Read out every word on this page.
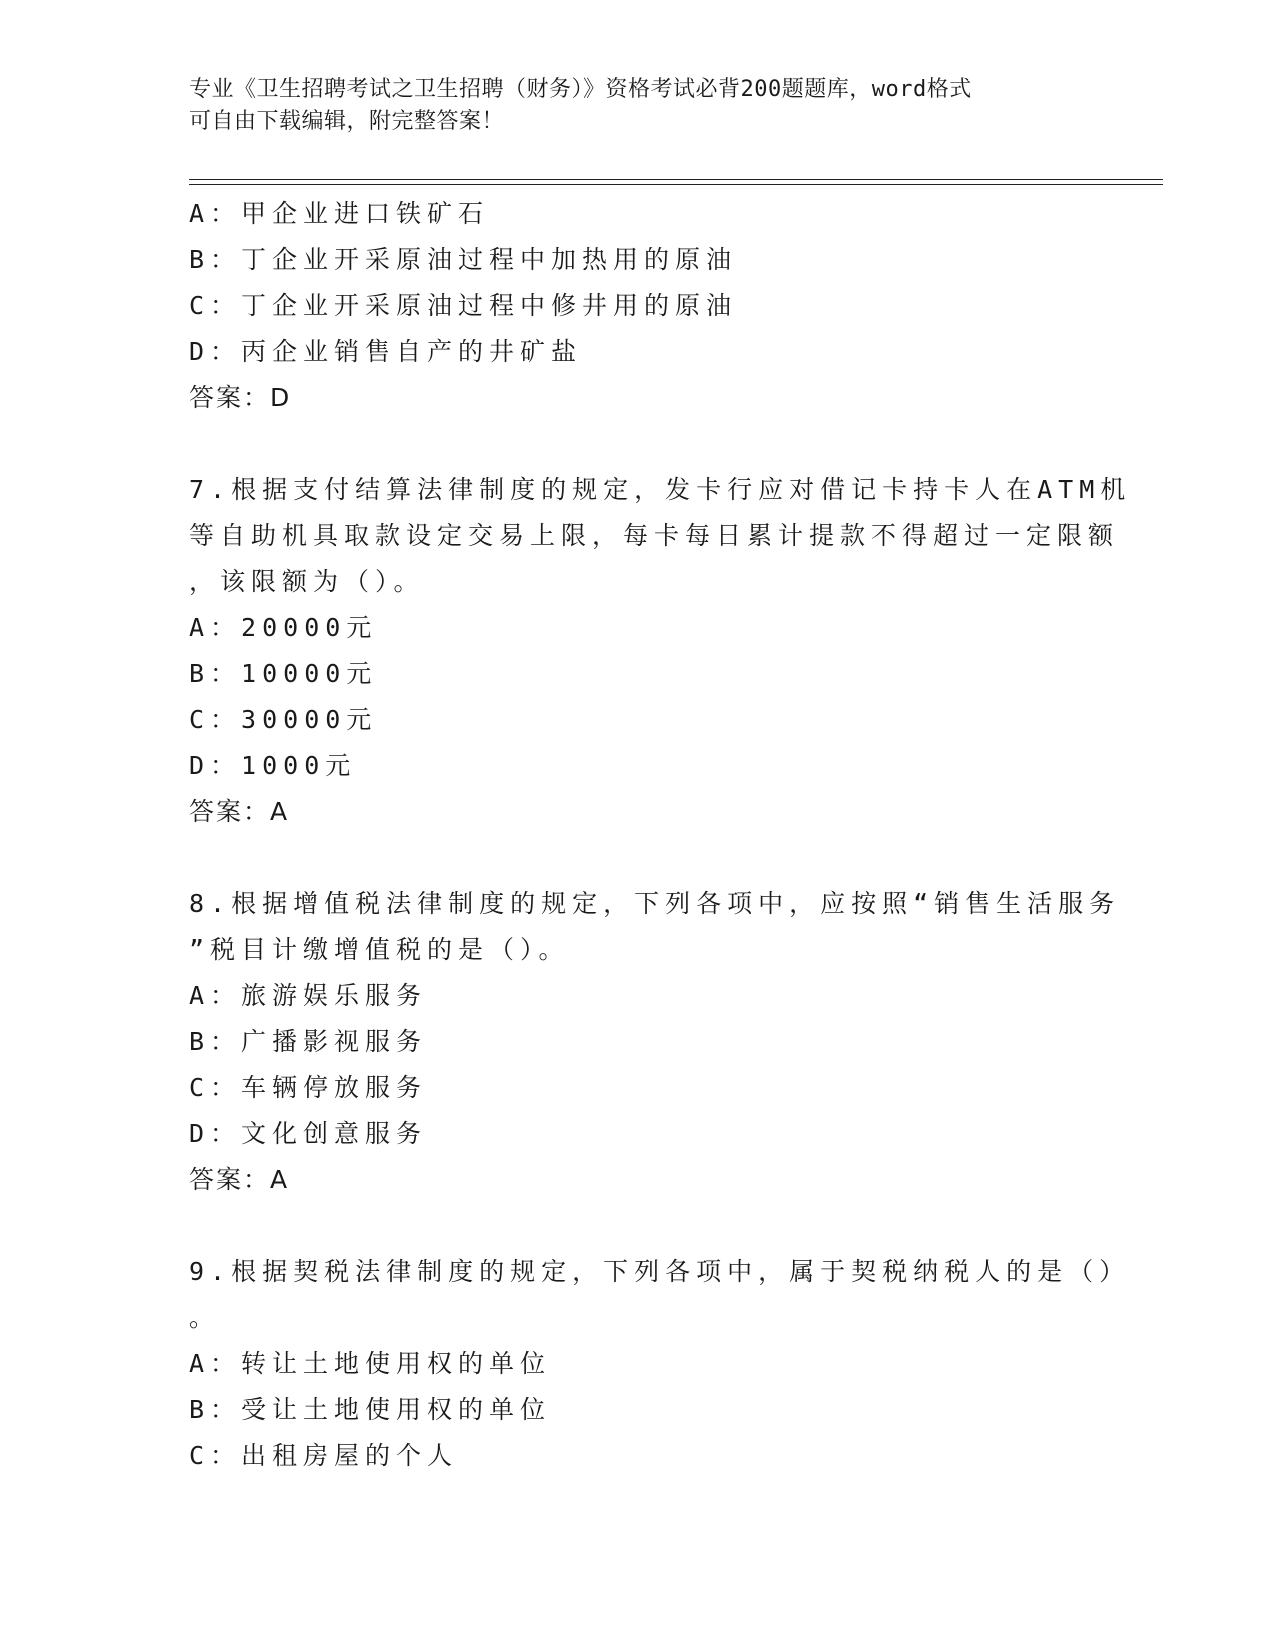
专业《卫生招聘考试之卫生招聘（财务）》资格考试必背200题题库，word格式
可自由下载编辑，附完整答案！
A：甲企业进口铁矿石
B：丁企业开采原油过程中加热用的原油
C：丁企业开采原油过程中修井用的原油
D：丙企业销售自产的井矿盐
答案：D
7.根据支付结算法律制度的规定，发卡行应对借记卡持卡人在ATM机
等自助机具取款设定交易上限，每卡每日累计提款不得超过一定限额
，该限额为（）。
A：20000元
B：10000元
C：30000元
D：1000元
答案：A
8.根据增值税法律制度的规定，下列各项中，应按照“销售生活服务
”税目计缴增值税的是（）。
A：旅游娱乐服务
B：广播影视服务
C：车辆停放服务
D：文化创意服务
答案：A
9.根据契税法律制度的规定，下列各项中，属于契税纳税人的是（）
。
A：转让土地使用权的单位
B：受让土地使用权的单位
C：出租房屋的个人
